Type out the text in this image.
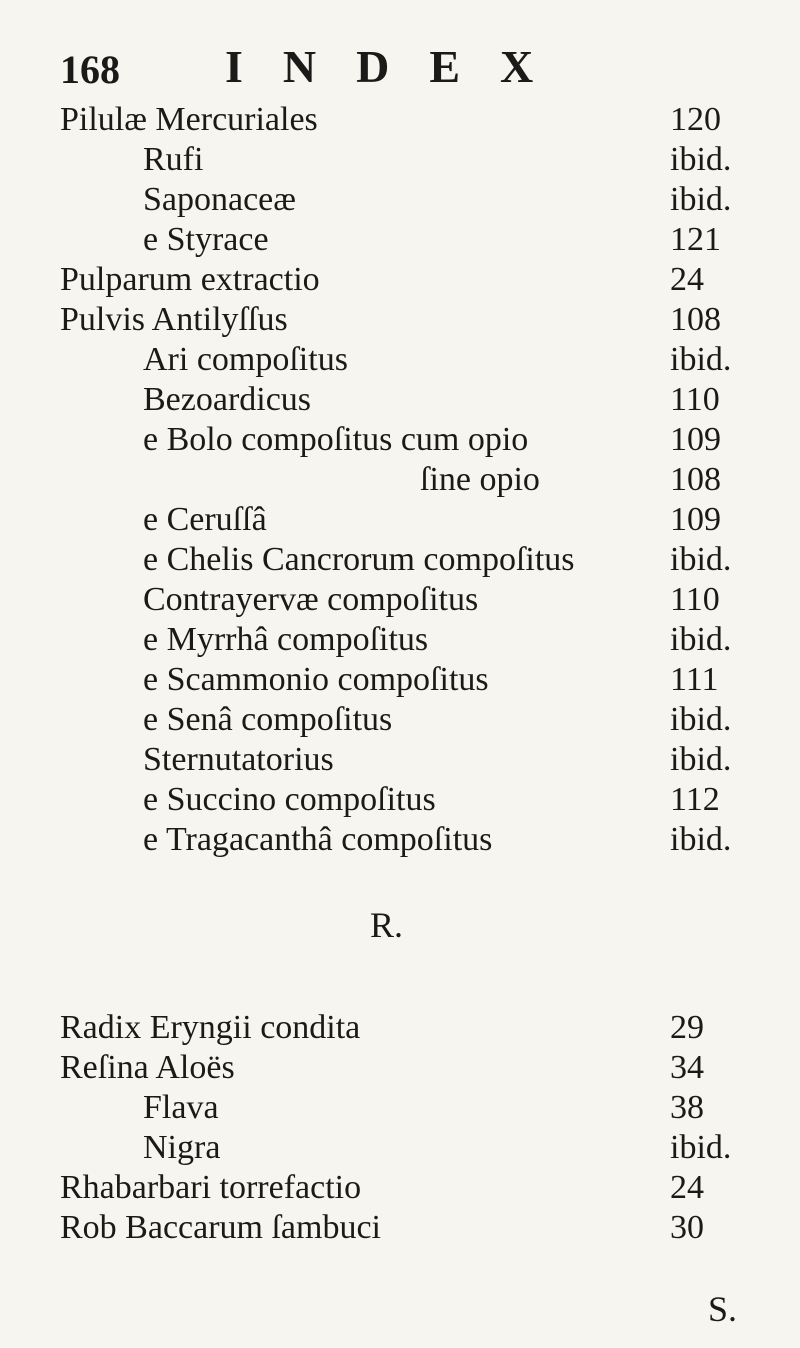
168 INDEX
Pilulæ Mercuriales	120
Rufi	ibid.
Saponaceæ	ibid.
e Styrace	121
Pulparum extractio	24
Pulvis Antilyſſus	108
Ari compoſitus	ibid.
Bezoardicus	110
e Bolo compoſitus cum opio	109
ſine opio	108
e Ceruſſâ	109
e Chelis Cancrorum compoſitus	ibid.
Contrayervæ compoſitus	110
e Myrrhâ compoſitus	ibid.
e Scammonio compoſitus	111
e Senâ compoſitus	ibid.
Sternutatorius	ibid.
e Succino compoſitus	112
e Tragacanthâ compoſitus	ibid.
R.
Radix Eryngii condita	29
Reſina Aloës	34
Flava	38
Nigra	ibid.
Rhabarbari torrefactio	24
Rob Baccarum ſambuci	30
S.
